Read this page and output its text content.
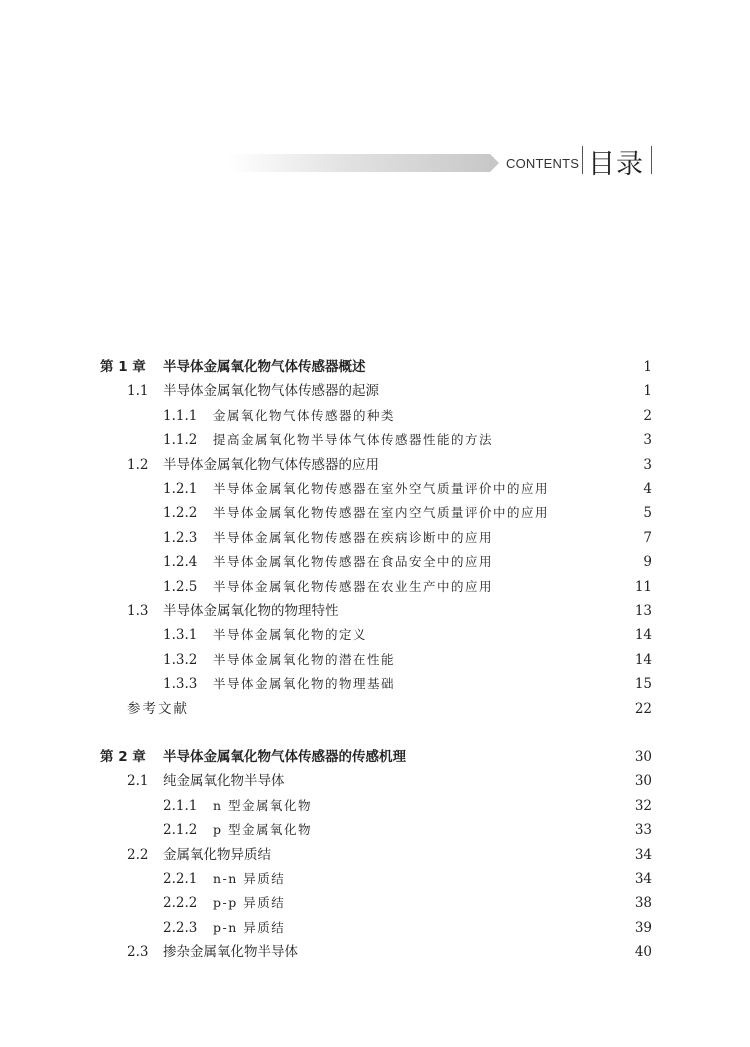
CONTENTS 目录
第 1 章	半导体金属氧化物气体传感器概述	1
1.1	半导体金属氧化物气体传感器的起源	1
1.1.1	金属氧化物气体传感器的种类	2
1.1.2	提高金属氧化物半导体气体传感器性能的方法	3
1.2	半导体金属氧化物气体传感器的应用	3
1.2.1	半导体金属氧化物传感器在室外空气质量评价中的应用	4
1.2.2	半导体金属氧化物传感器在室内空气质量评价中的应用	5
1.2.3	半导体金属氧化物传感器在疾病诊断中的应用	7
1.2.4	半导体金属氧化物传感器在食品安全中的应用	9
1.2.5	半导体金属氧化物传感器在农业生产中的应用	11
1.3	半导体金属氧化物的物理特性	13
1.3.1	半导体金属氧化物的定义	14
1.3.2	半导体金属氧化物的潜在性能	14
1.3.3	半导体金属氧化物的物理基础	15
参考文献	22
第 2 章	半导体金属氧化物气体传感器的传感机理	30
2.1	纯金属氧化物半导体	30
2.1.1	n 型金属氧化物	32
2.1.2	p 型金属氧化物	33
2.2	金属氧化物异质结	34
2.2.1	n-n 异质结	34
2.2.2	p-p 异质结	38
2.2.3	p-n 异质结	39
2.3	掺杂金属氧化物半导体	40
